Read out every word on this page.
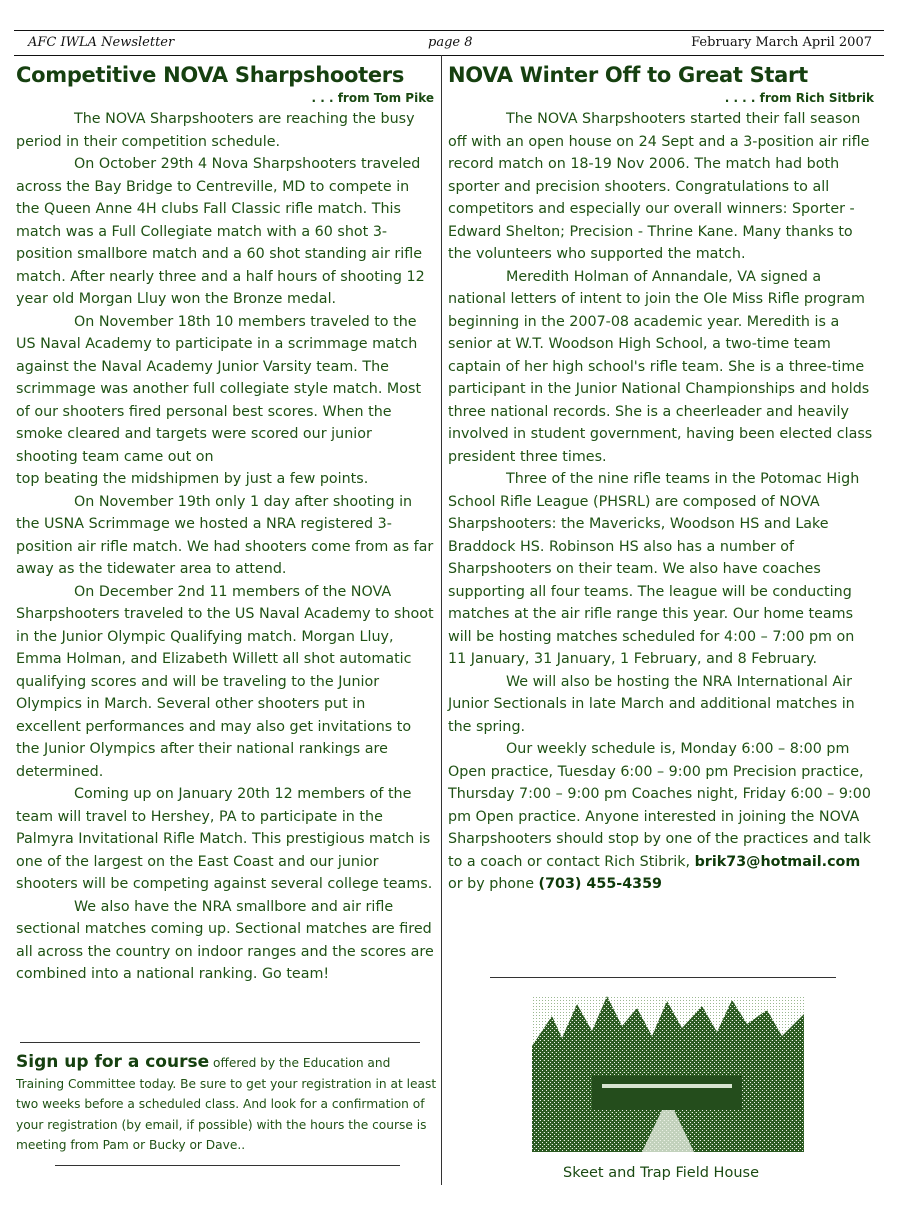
AFC IWLA Newsletter	page 8	February March April 2007
Competitive NOVA Sharpshooters
. . . from Tom Pike

The NOVA Sharpshooters are reaching the busy period in their competition schedule.

On October 29th 4 Nova Sharpshooters traveled across the Bay Bridge to Centreville, MD to compete in the Queen Anne 4H clubs Fall Classic rifle match. This match was a Full Collegiate match with a 60 shot 3-position smallbore match and a 60 shot standing air rifle match. After nearly three and a half hours of shooting 12 year old Morgan Lluy won the Bronze medal.

On November 18th 10 members traveled to the US Naval Academy to participate in a scrimmage match against the Naval Academy Junior Varsity team. The scrimmage was another full collegiate style match. Most of our shooters fired personal best scores. When the smoke cleared and targets were scored our junior shooting team came out on

top beating the midshipmen by just a few points.

On November 19th only 1 day after shooting in the USNA Scrimmage we hosted a NRA registered 3-position air rifle match. We had shooters come from as far away as the tidewater area to attend.

On December 2nd 11 members of the NOVA Sharpshooters traveled to the US Naval Academy to shoot in the Junior Olympic Qualifying match. Morgan Lluy, Emma Holman, and Elizabeth Willett all shot automatic qualifying scores and will be traveling to the Junior Olympics in March. Several other shooters put in excellent performances and may also get invitations to the Junior Olympics after their national rankings are determined.

Coming up on January 20th 12 members of the team will travel to Hershey, PA to participate in the Palmyra Invitational Rifle Match. This prestigious match is one of the largest on the East Coast and our junior shooters will be competing against several college teams.

We also have the NRA smallbore and air rifle sectional matches coming up. Sectional matches are fired all across the country on indoor ranges and the scores are combined into a national ranking. Go team!

Sign up for a course offered by the Education and Training Committee today. Be sure to get your registration in at least two weeks before a scheduled class. And look for a confirmation of your registration (by email, if possible) with the hours the course is meeting from Pam or Bucky or Dave..

NOVA Winter Off to Great Start
. . . . from Rich Sitbrik

The NOVA Sharpshooters started their fall season off with an open house on 24 Sept and a 3-position air rifle record match on 18-19 Nov 2006. The match had both sporter and precision shooters. Congratulations to all competitors and especially our overall winners: Sporter - Edward Shelton; Precision - Thrine Kane. Many thanks to the volunteers who supported the match.

Meredith Holman of Annandale, VA signed a national letters of intent to join the Ole Miss Rifle program beginning in the 2007-08 academic year. Meredith is a senior at W.T. Woodson High School, a two-time team captain of her high school's rifle team. She is a three-time participant in the Junior National Championships and holds three national records. She is a cheerleader and heavily involved in student government, having been elected class president three times.

Three of the nine rifle teams in the Potomac High School Rifle League (PHSRL) are composed of NOVA Sharpshooters: the Mavericks, Woodson HS and Lake Braddock HS. Robinson HS also has a number of Sharpshooters on their team. We also have coaches supporting all four teams. The league will be conducting matches at the air rifle range this year. Our home teams will be hosting matches scheduled for 4:00 – 7:00 pm on 11 January, 31 January, 1 February, and 8 February.

We will also be hosting the NRA International Air Junior Sectionals in late March and additional matches in the spring.

Our weekly schedule is, Monday 6:00 – 8:00 pm Open practice, Tuesday 6:00 – 9:00 pm Precision practice, Thursday 7:00 – 9:00 pm Coaches night, Friday 6:00 – 9:00 pm Open practice. Anyone interested in joining the NOVA Sharpshooters should stop by one of the practices and talk to a coach or contact Rich Stibrik, brik73@hotmail.com or by phone (703) 455-4359

Skeet and Trap Field House
